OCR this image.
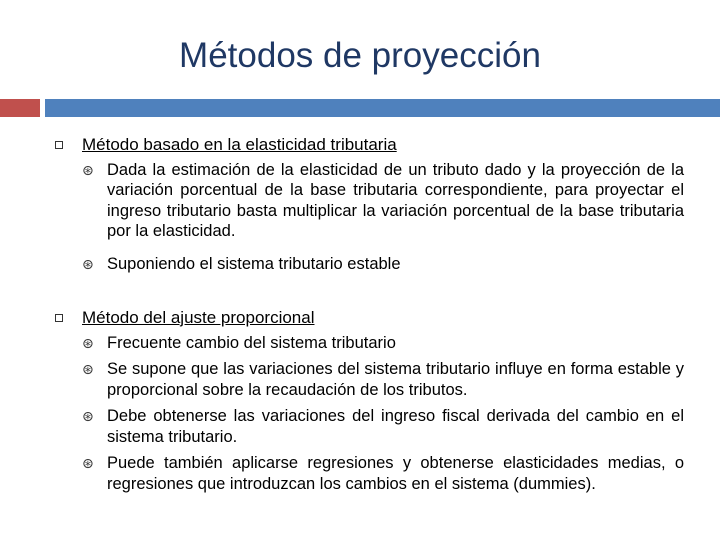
Métodos de proyección
Método basado en la elasticidad tributaria
⊛ Dada la estimación de la elasticidad de un tributo dado y la proyección de la variación porcentual de la base tributaria correspondiente, para proyectar el ingreso tributario basta multiplicar la variación porcentual de la base tributaria por la elasticidad.
⊛ Suponiendo el sistema tributario estable
Método del ajuste proporcional
⊛ Frecuente cambio del sistema tributario
⊛ Se supone que las variaciones del sistema tributario influye en forma estable y proporcional sobre la recaudación de los tributos.
⊛ Debe obtenerse las variaciones del ingreso fiscal derivada del cambio en el sistema tributario.
⊛ Puede también aplicarse regresiones y obtenerse elasticidades medias, o regresiones que introduzcan los cambios en el sistema (dummies).
